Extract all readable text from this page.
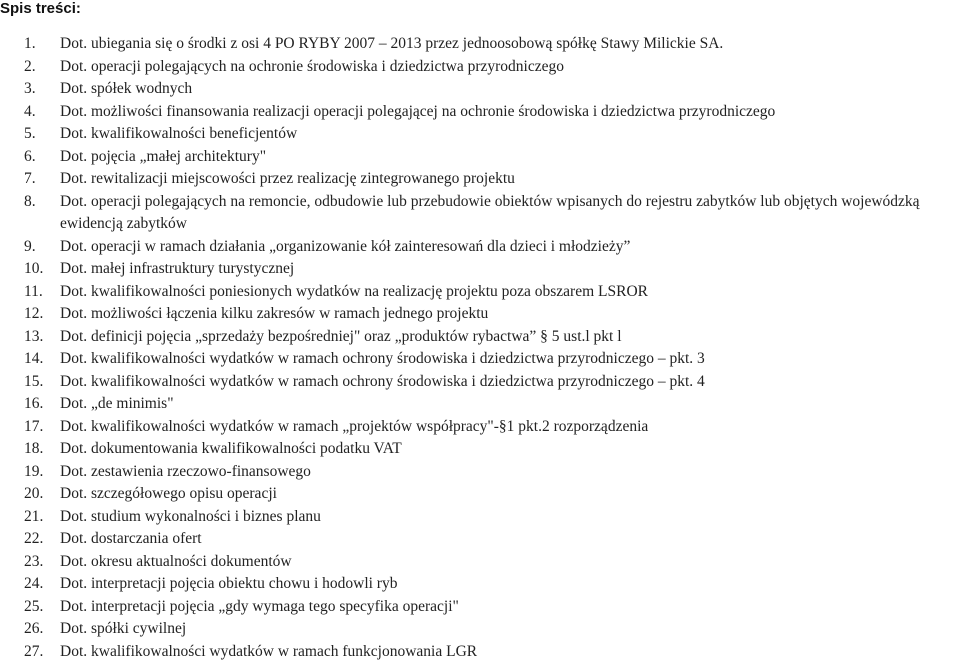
Spis treści:
1.	Dot. ubiegania się o środki z osi 4 PO RYBY 2007 – 2013 przez jednoosobową spółkę Stawy Milickie SA.
2.	Dot. operacji polegających na ochronie środowiska i dziedzictwa przyrodniczego
3.	Dot. spółek wodnych
4.	Dot. możliwości finansowania realizacji operacji polegającej na ochronie środowiska i dziedzictwa przyrodniczego
5.	Dot. kwalifikowalności beneficjentów
6.	Dot. pojęcia „małej architektury"
7.	Dot. rewitalizacji miejscowości przez realizację zintegrowanego projektu
8.	Dot. operacji polegających na remoncie, odbudowie lub przebudowie obiektów wpisanych do rejestru zabytków lub objętych wojewódzką ewidencją zabytków
9.	Dot. operacji w ramach działania „organizowanie kół zainteresowań dla dzieci i młodzieży”
10.	Dot. małej infrastruktury turystycznej
11.	Dot. kwalifikowalności poniesionych wydatków na realizację projektu poza obszarem LSROR
12.	Dot. możliwości łączenia kilku zakresów w ramach jednego projektu
13.	Dot. definicji pojęcia „sprzedaży bezpośredniej" oraz „produktów rybactwa” § 5 ust.l pkt l
14.	Dot. kwalifikowalności wydatków w ramach ochrony środowiska i dziedzictwa przyrodniczego – pkt. 3
15.	Dot. kwalifikowalności wydatków w ramach ochrony środowiska i dziedzictwa przyrodniczego – pkt. 4
16.	Dot. „de minimis"
17.	Dot. kwalifikowalności wydatków w ramach „projektów współpracy"-§1 pkt.2 rozporządzenia
18.	Dot. dokumentowania kwalifikowalności podatku VAT
19.	Dot. zestawienia rzeczowo-finansowego
20.	Dot. szczegółowego opisu operacji
21.	Dot. studium wykonalności i biznes planu
22.	Dot. dostarczania ofert
23.	Dot. okresu aktualności dokumentów
24.	Dot. interpretacji pojęcia obiektu chowu i hodowli ryb
25.	Dot. interpretacji pojęcia „gdy wymaga tego specyfika operacji"
26.	Dot. spółki cywilnej
27.	Dot. kwalifikowalności wydatków w ramach funkcjonowania LGR
